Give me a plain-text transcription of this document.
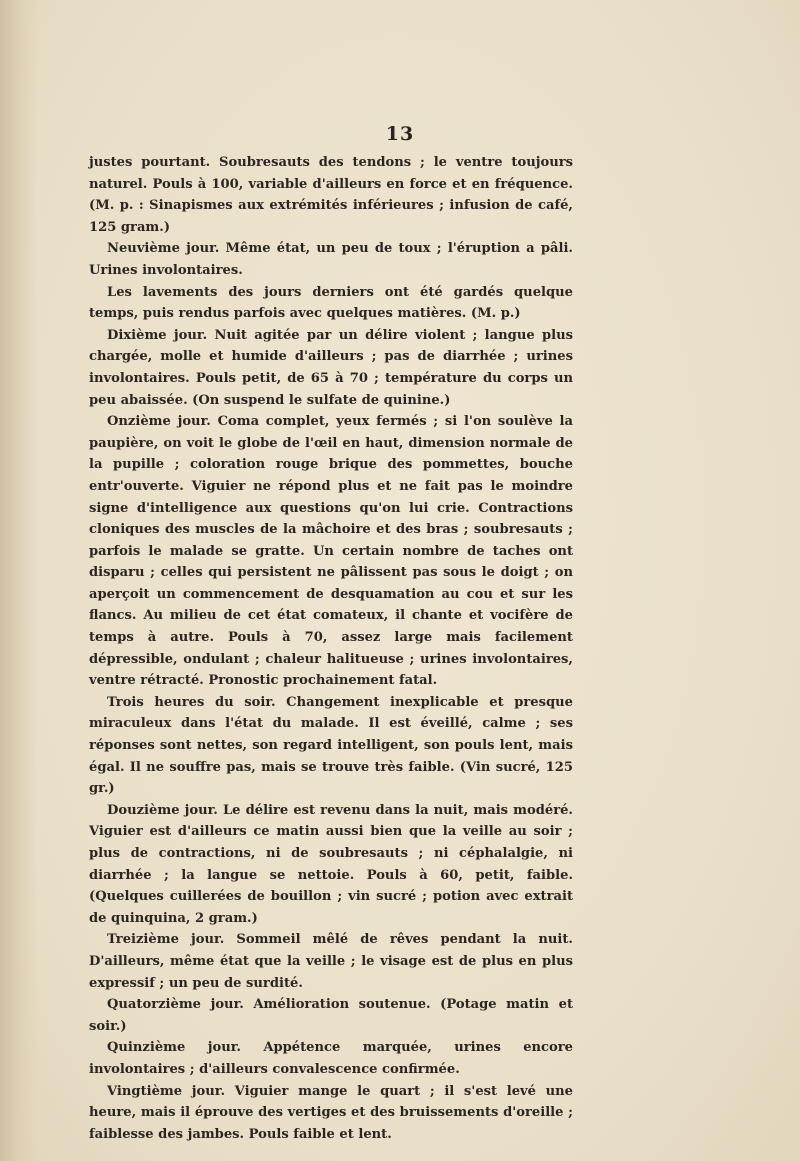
13

justes pourtant. Soubresauts des tendons ; le ventre toujours naturel. Pouls à 100, variable d'ailleurs en force et en fréquence. (M. p. : Sinapismes aux extrémités inférieures ; infusion de café, 125 gram.)

Neuvième jour. Même état, un peu de toux ; l'éruption a pâli. Urines involontaires.

Les lavements des jours derniers ont été gardés quelque temps, puis rendus parfois avec quelques matières. (M. p.)

Dixième jour. Nuit agitée par un délire violent ; langue plus chargée, molle et humide d'ailleurs ; pas de diarrhée ; urines involontaires. Pouls petit, de 65 à 70 ; température du corps un peu abaissée. (On suspend le sulfate de quinine.)

Onzième jour. Coma complet, yeux fermés ; si l'on soulève la paupière, on voit le globe de l'œil en haut, dimension normale de la pupille ; coloration rouge brique des pommettes, bouche entr'ouverte. Viguier ne répond plus et ne fait pas le moindre signe d'intelligence aux questions qu'on lui crie. Contractions cloniques des muscles de la mâchoire et des bras ; soubresauts ; parfois le malade se gratte. Un certain nombre de taches ont disparu ; celles qui persistent ne pâlissent pas sous le doigt ; on aperçoit un commencement de desquamation au cou et sur les flancs. Au milieu de cet état comateux, il chante et vocifère de temps à autre. Pouls à 70, assez large mais facilement dépressible, ondulant ; chaleur halitueuse ; urines involontaires, ventre rétracté. Pronostic prochainement fatal.

Trois heures du soir. Changement inexplicable et presque miraculeux dans l'état du malade. Il est éveillé, calme ; ses réponses sont nettes, son regard intelligent, son pouls lent, mais égal. Il ne souffre pas, mais se trouve très faible. (Vin sucré, 125 gr.)

Douzième jour. Le délire est revenu dans la nuit, mais modéré. Viguier est d'ailleurs ce matin aussi bien que la veille au soir ; plus de contractions, ni de soubresauts ; ni céphalalgie, ni diarrhée ; la langue se nettoie. Pouls à 60, petit, faible. (Quelques cuillerées de bouillon ; vin sucré ; potion avec extrait de quinquina, 2 gram.)

Treizième jour. Sommeil mêlé de rêves pendant la nuit. D'ailleurs, même état que la veille ; le visage est de plus en plus expressif ; un peu de surdité.

Quatorzième jour. Amélioration soutenue. (Potage matin et soir.)

Quinzième jour. Appétence marquée, urines encore involontaires ; d'ailleurs convalescence confirmée.

Vingtième jour. Viguier mange le quart ; il s'est levé une heure, mais il éprouve des vertiges et des bruissements d'oreille ; faiblesse des jambes. Pouls faible et lent.
